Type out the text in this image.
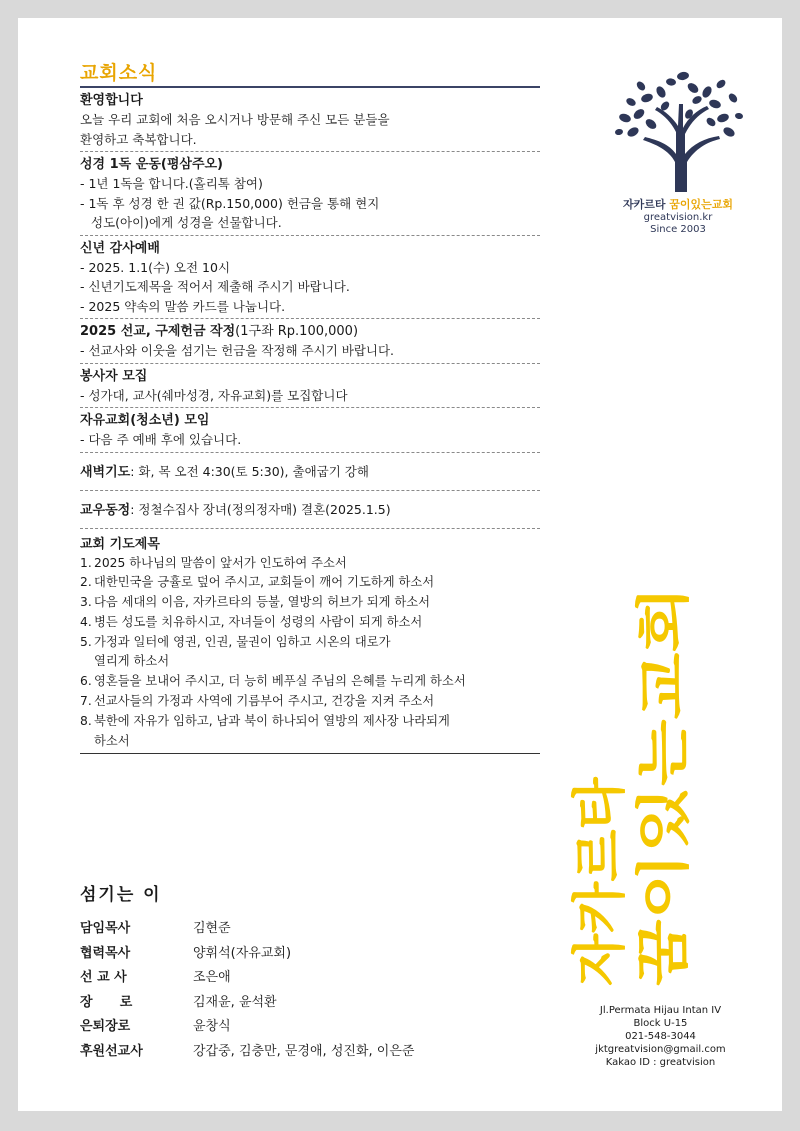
교회소식
환영합니다
오늘 우리 교회에 처음 오시거나 방문해 주신 모든 분들을
환영하고 축복합니다.
성경 1독 운동(평삼주오)
- 1년 1독을 합니다.(홀리톡 참여)
- 1독 후 성경 한 권 값(Rp.150,000) 헌금을 통해 현지
성도(아이)에게 성경을 선물합니다.
신년 감사예배
- 2025. 1.1(수) 오전 10시
- 신년기도제목을 적어서 제출해 주시기 바랍니다.
- 2025 약속의 말씀 카드를 나눕니다.
2025 선교, 구제헌금 작정(1구좌 Rp.100,000)
- 선교사와 이웃을 섬기는 헌금을 작정해 주시기 바랍니다.
봉사자 모집
- 성가대, 교사(쉐마성경, 자유교회)를 모집합니다
자유교회(청소년) 모임
- 다음 주 예배 후에 있습니다.
새벽기도: 화, 목 오전 4:30(토 5:30), 출애굽기 강해
교우동정: 정철수집사 장녀(정의정자매) 결혼(2025.1.5)
교회 기도제목
1. 2025 하나님의 말씀이 앞서가 인도하여 주소서
2. 대한민국을 긍휼로 덮어 주시고, 교회들이 깨어 기도하게 하소서
3. 다음 세대의 이음, 자카르타의 등불, 열방의 허브가 되게 하소서
4. 병든 성도를 치유하시고, 자녀들이 성령의 사람이 되게 하소서
5. 가정과 일터에 영권, 인권, 물권이 임하고 시온의 대로가
열리게 하소서
6. 영혼들을 보내어 주시고, 더 능히 베푸실 주님의 은혜를 누리게 하소서
7. 선교사들의 가정과 사역에 기름부어 주시고, 건강을 지켜 주소서
8. 북한에 자유가 임하고, 남과 북이 하나되어 열방의 제사장 나라되게
하소서
섬기는 이
담임목사	김현준
협력목사	양휘석(자유교회)
선 교 사	조은애
장      로	김재윤, 윤석환
은퇴장로	윤창식
후원선교사	강갑중, 김충만, 문경애, 성진화, 이은준
자카르타 꿈이있는교회
greatvision.kr
Since 2003
자카르타 꿈이있는교회
Jl.Permata Hijau Intan IV
Block U-15
021-548-3044
jktgreatvision@gmail.com
Kakao ID : greatvision
